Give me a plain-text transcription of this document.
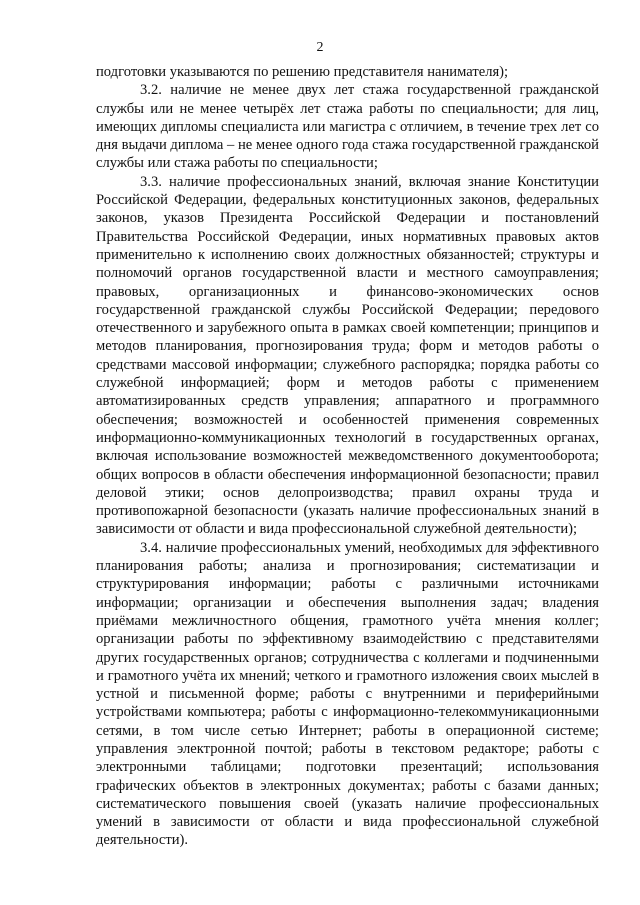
2

подготовки указываются по решению представителя нанимателя);

3.2. наличие не менее двух лет стажа государственной гражданской службы или не менее четырёх лет стажа работы по специальности; для лиц, имеющих дипломы специалиста или магистра с отличием, в течение трех лет со дня выдачи диплома – не менее одного года стажа государственной гражданской службы или стажа работы по специальности;

3.3. наличие профессиональных знаний, включая знание Конституции Российской Федерации, федеральных конституционных законов, федеральных законов, указов Президента Российской Федерации и постановлений Правительства Российской Федерации, иных нормативных правовых актов применительно к исполнению своих должностных обязанностей; структуры и полномочий органов государственной власти и местного самоуправления; правовых, организационных и финансово-экономических основ государственной гражданской службы Российской Федерации; передового отечественного и зарубежного опыта в рамках своей компетенции; принципов и методов планирования, прогнозирования труда; форм и методов работы о средствами массовой информации; служебного распорядка; порядка работы со служебной информацией; форм и методов работы с применением автоматизированных средств управления; аппаратного и программного обеспечения; возможностей и особенностей применения современных информационно-коммуникационных технологий в государственных органах, включая использование возможностей межведомственного документооборота; общих вопросов в области обеспечения информационной безопасности; правил деловой этики; основ делопроизводства; правил охраны труда и противопожарной безопасности (указать наличие профессиональных знаний в зависимости от области и вида профессиональной служебной деятельности);

3.4. наличие профессиональных умений, необходимых для эффективного планирования работы; анализа и прогнозирования; систематизации и структурирования информации; работы с различными источниками информации; организации и обеспечения выполнения задач; владения приёмами межличностного общения, грамотного учёта мнения коллег; организации работы по эффективному взаимодействию с представителями других государственных органов; сотрудничества с коллегами и подчиненными и грамотного учёта их мнений; четкого и грамотного изложения своих мыслей в устной и письменной форме; работы с внутренними и периферийными устройствами компьютера; работы с информационно-телекоммуникационными сетями, в том числе сетью Интернет; работы в операционной системе; управления электронной почтой; работы в текстовом редакторе; работы с электронными таблицами; подготовки презентаций; использования графических объектов в электронных документах; работы с базами данных; систематического повышения своей (указать наличие профессиональных умений в зависимости от области и вида профессиональной служебной деятельности).
